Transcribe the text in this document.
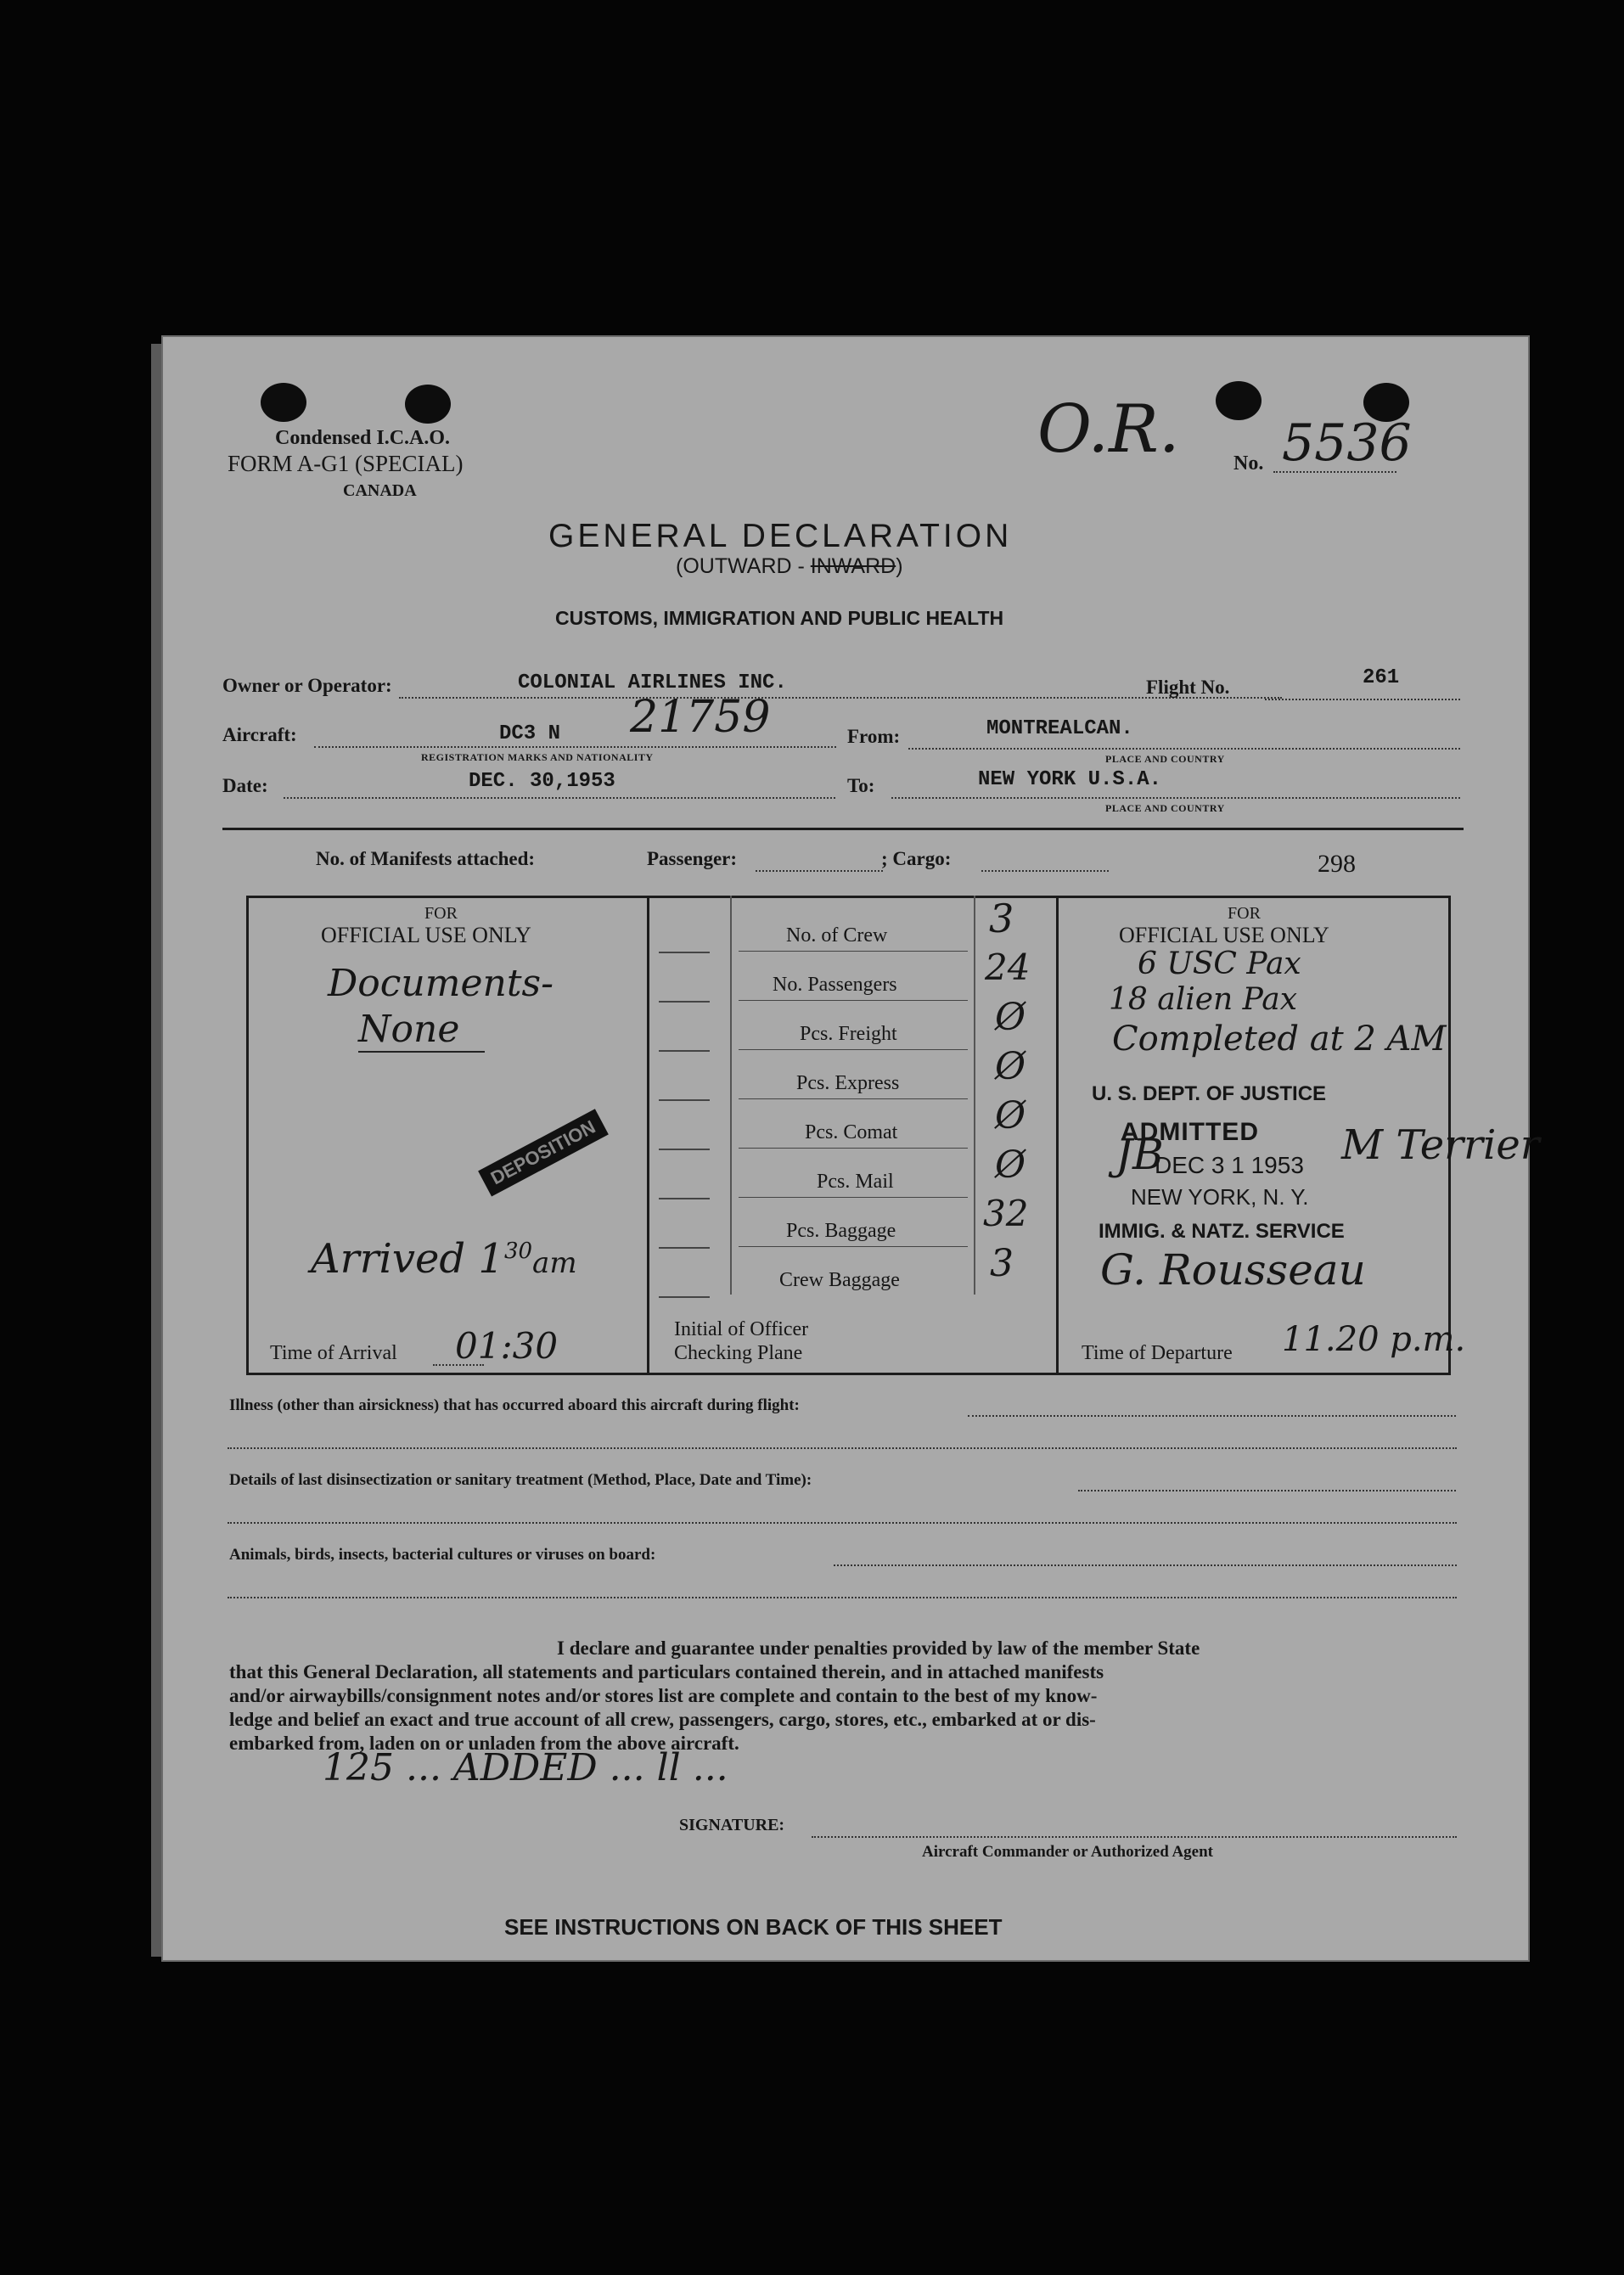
Condensed I.C.A.O.
FORM A-G1 (SPECIAL)
CANADA
O.R.	No. 5536
GENERAL DECLARATION
(OUTWARD - INWARD)
CUSTOMS, IMMIGRATION AND PUBLIC HEALTH
Owner or Operator:	COLONIAL AIRLINES INC.	Flight No.	261
Aircraft:	DC3 N 21759
REGISTRATION MARKS AND NATIONALITY
From:	MONTREALCAN.
PLACE AND COUNTRY
Date:	DEC. 30,1953	To:	NEW YORK U.S.A.
PLACE AND COUNTRY
No. of Manifests attached:	Passenger:	; Cargo:	298
FOR
OFFICIAL USE ONLY
Documents-
None
DEPOSITION
Arrived $1^{30}am$
Time of Arrival 01:30
No. of Crew	3
No. Passengers 24
Pcs. Freight	Ø
Pcs. Express	Ø
Pcs. Comat	Ø
Pcs. Mail	Ø
Pcs. Baggage 32
Crew Baggage 3
Initial of Officer
Checking Plane
FOR
OFFICIAL USE ONLY
6 USC Pax
18 alien Pax
Completed at 2 AM
U. S. DEPT. OF JUSTICE
ADMITTED
DEC 3 1 1953
NEW YORK, N. Y.
IMMIG. & NATZ. SERVICE
JB	M Terrier
G. Rousseau
Time of Departure 11.20 p.m.
Illness (other than airsickness) that has occurred aboard this aircraft during flight:
Details of last disinsectization or sanitary treatment (Method, Place, Date and Time):
Animals, birds, insects, bacterial cultures or viruses on board:
I declare and guarantee under penalties provided by law of the member State
that this General Declaration, all statements and particulars contained therein, and in attached manifests
and/or airwaybills/consignment notes and/or stores list are complete and contain to the best of my know-
ledge and belief an exact and true account of all crew, passengers, cargo, stores, etc., embarked at or dis-
embarked from, laden on or unladen from the above aircraft.
125 ... ADDED ... ll ...
SIGNATURE:
Aircraft Commander or Authorized Agent
SEE INSTRUCTIONS ON BACK OF THIS SHEET
